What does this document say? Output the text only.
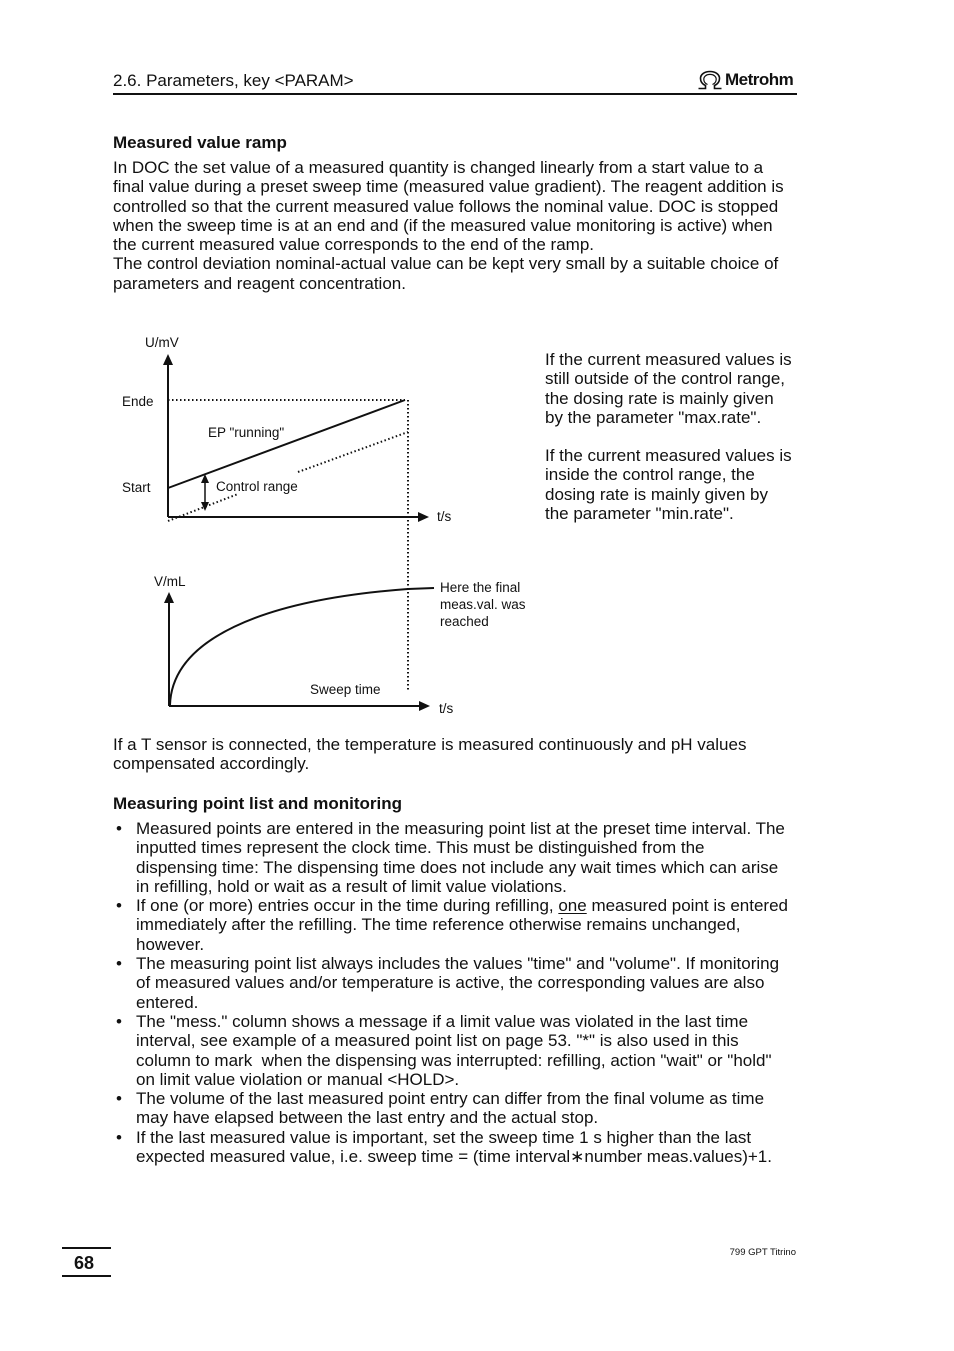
2.6. Parameters, key <PARAM>	Metrohm
Measured value ramp
In DOC the set value of a measured quantity is changed linearly from a start value to a
final value during a preset sweep time (measured value gradient). The reagent addition is
controlled so that the current measured value follows the nominal value. DOC is stopped
when the sweep time is at an end and (if the measured value monitoring is active) when
the current measured value corresponds to the end of the ramp.
The control deviation nominal-actual value can be kept very small by a suitable choice of
parameters and reagent concentration.
U/mV
Ende
EP "running"
Start	Control range
t/s
V/mL	Here the final
meas.val. was
reached
Sweep time
t/s
If the current measured values is
still outside of the control range,
the dosing rate is mainly given
by the parameter "max.rate".
If the current measured values is
inside the control range, the
dosing rate is mainly given by
the parameter "min.rate".
If a T sensor is connected, the temperature is measured continuously and pH values
compensated accordingly.
Measuring point list and monitoring
• Measured points are entered in the measuring point list at the preset time interval. The
inputted times represent the clock time. This must be distinguished from the
dispensing time: The dispensing time does not include any wait times which can arise
in refilling, hold or wait as a result of limit value violations.
• If one (or more) entries occur in the time during refilling, one measured point is entered
immediately after the refilling. The time reference otherwise remains unchanged,
however.
• The measuring point list always includes the values "time" and "volume". If monitoring
of measured values and/or temperature is active, the corresponding values are also
entered.
• The "mess." column shows a message if a limit value was violated in the last time
interval, see example of a measured point list on page 53. "*" is also used in this
column to mark  when the dispensing was interrupted: refilling, action "wait" or "hold"
on limit value violation or manual <HOLD>.
• The volume of the last measured point entry can differ from the final volume as time
may have elapsed between the last entry and the actual stop.
• If the last measured value is important, set the sweep time 1 s higher than the last
expected measured value, i.e. sweep time = (time interval∗number meas.values)+1.
68
799 GPT Titrino
